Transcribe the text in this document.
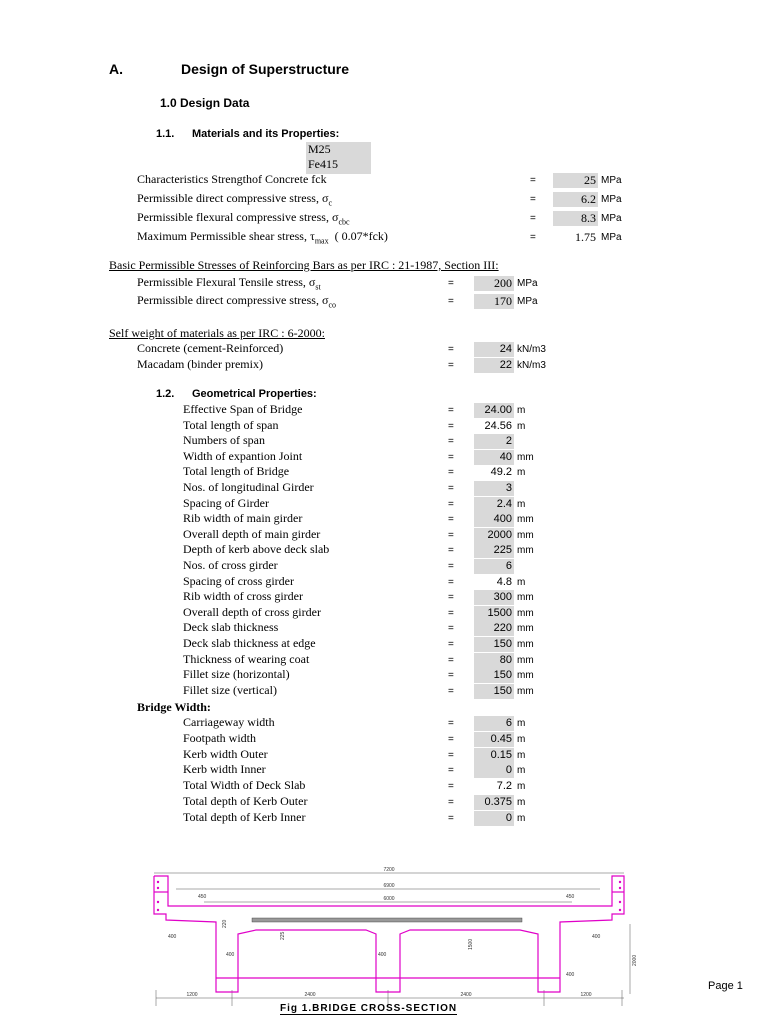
A.	Design of Superstructure
1.0 Design Data
1.1. Materials and its Properties:
M25
Fe415
Characteristics Strengthof Concrete fck	=	25 MPa
Permissible direct compressive stress, $\sigma_c$	=	6.2 MPa
Permissible flexural compressive stress, $\sigma_{cbc}$	=	8.3 MPa
Maximum Permissible shear stress, $\tau_{max}$  ( 0.07*fck)	=	1.75 MPa
Basic Permissible Stresses of Reinforcing Bars as per IRC : 21-1987, Section III:
Permissible Flexural Tensile stress, $\sigma_{st}$	=	200 MPa
Permissible direct compressive stress, $\sigma_{co}$	=	170 MPa
Self weight of materials as per IRC : 6-2000:
Concrete (cement-Reinforced)	=	24 kN/m3
Macadam (binder premix)	=	22 kN/m3
1.2. Geometrical Properties:
Effective Span of Bridge	=	24.00 m
Total length of span	=	24.56 m
Numbers of span	=	2
Width of expantion Joint	=	40 mm
Total length of Bridge	=	49.2 m
Nos. of longitudinal Girder	=	3
Spacing of Girder	=	2.4 m
Rib width of main girder	=	400 mm
Overall depth of main girder	=	2000 mm
Depth of kerb above deck slab	=	225 mm
Nos. of cross girder	=	6
Spacing of cross girder	=	4.8 m
Rib width of cross girder	=	300 mm
Overall depth of cross girder	=	1500 mm
Deck slab thickness	=	220 mm
Deck slab thickness at edge	=	150 mm
Thickness of wearing coat	=	80 mm
Fillet size (horizontal)	=	150 mm
Fillet size (vertical)	=	150 mm
Bridge Width:
Carriageway width	=	6 m
Footpath width	=	0.45 m
Kerb width Outer	=	0.15 m
Kerb width Inner	=	0 m
Total Width of Deck Slab	=	7.2 m
Total depth of Kerb Outer	=	0.375 m
Total depth of Kerb Inner	=	0 m
7200
6900
6000
450	450
400	400
400	400
400
220
225
1500
2000
1200	2400	2400	1200
Fig 1.BRIDGE CROSS-SECTION
Page 1
